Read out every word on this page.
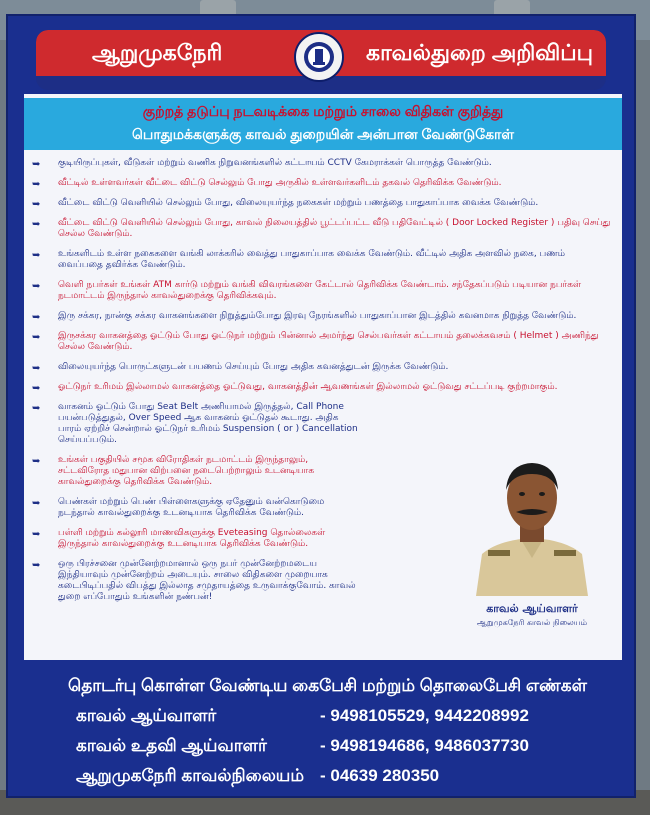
ஆறுமுகநேரி	காவல்துறை அறிவிப்பு
குற்றத் தடுப்பு நடவடிக்கை மற்றும் சாலை விதிகள் குறித்து
பொதுமக்களுக்கு காவல் துறையின் அன்பான வேண்டுகோள்
➥ குடியிருப்புகள், வீடுகள் மற்றும் வணிக நிறுவனங்களில் கட்டாயம் CCTV கேமராக்கள் பொருத்த வேண்டும்.
➥ வீட்டில் உள்ளவர்கள் வீட்டை விட்டு செல்லும் போது அருகில் உள்ளவர்களிடம் தகவல் தெரிவிக்க வேண்டும்.
➥ வீட்டை விட்டு வெளியில் செல்லும் போது, விலையுயர்ந்த நகைகள் மற்றும் பணத்தை பாதுகாப்பாக வைக்க வேண்டும்.
➥ வீட்டை விட்டு வெளியில் செல்லும் போது, காவல் நிலையத்தில் பூட்டப்பட்ட வீடு பதிவேட்டில் ( Door Locked Register ) பதிவு செய்து செல்ல வேண்டும்.
➥ உங்களிடம் உள்ள நகைகளை வங்கி லாக்கரில் வைத்து பாதுகாப்பாக வைக்க வேண்டும். வீட்டில் அதிக அளவில் நகை, பணம் வைப்பதை தவிர்க்க வேண்டும்.
➥ வெளி நபர்கள் உங்கள் ATM கார்டு மற்றும் வங்கி விவரங்களை கேட்டால் தெரிவிக்க வேண்டாம். சந்தேகப்படும் படியான நபர்கள் நடமாட்டம் இருந்தால் காவல்துறைக்கு தெரிவிக்கவும்.
➥ இரு சக்கர, நான்கு சக்கர வாகனங்களை நிறுத்தும்போது இரவு நேரங்களில் பாதுகாப்பான இடத்தில் கவனமாக நிறுத்த வேண்டும்.
➥ இருசக்கர வாகனத்தை ஓட்டும் போது ஓட்டுநர் மற்றும் பின்னால் அமர்ந்து செல்பவர்கள் கட்டாயம் தலைக்கவசம் ( Helmet ) அணிந்து செல்ல வேண்டும்.
➥ விலையுயர்ந்த பொருட்களுடன் பயணம் செய்யும் போது அதிக கவனத்துடன் இருக்க வேண்டும்.
➥ ஓட்டுநர் உரிமம் இல்லாமல் வாகனத்தை ஓட்டுவது, வாகனத்தின் ஆவணங்கள் இல்லாமல் ஓட்டுவது சட்டப்படி குற்றமாகும்.
➥ வாகனம் ஓட்டும் போது Seat Belt அணியாமல் இருத்தல், Call Phone பயன்படுத்துதல், Over Speed ஆக வாகனம் ஓட்டுதல் கூடாது. அதிக பாரம் ஏற்றிச் சென்றால் ஓட்டுநர் உரிமம் Suspension ( or ) Cancellation செய்யப்படும்.
➥ உங்கள் பகுதியில் சமூக விரோதிகள் நடமாட்டம் இருந்தாலும், சட்டவிரோத மதுபான விற்பனை நடைபெற்றாலும் உடனடியாக காவல்துறைக்கு தெரிவிக்க வேண்டும்.
➥ பெண்கள் மற்றும் பெண் பிள்ளைகளுக்கு ஏதேனும் வன்கொடுமை நடந்தால் காவல்துறைக்கு உடனடியாக தெரிவிக்க வேண்டும்.
➥ பள்ளி மற்றும் கல்லூரி மாணவிகளுக்கு Eveteasing தொல்லைகள் இருந்தால் காவல்துறைக்கு உடனடியாக தெரிவிக்க வேண்டும்.
➥ ஒரு பிரச்சனை முன்னேற்றமானால் ஒரு நபர் முன்னேற்றமடைய இந்தியாவும் முன்னேற்றம் அடையும். சாலை விதிகளை முறையாக கடைபிடிப்பதில் விபத்து இல்லாத சமுதாயத்தை உருவாக்குவோம். காவல் துறை எப்போதும் உங்களின் நண்பன்!
காவல் ஆய்வாளர்
ஆறுமுகநேரி காவல் நிலையம்
தொடர்பு கொள்ள வேண்டிய கைபேசி மற்றும் தொலைபேசி எண்கள்
காவல் ஆய்வாளர்	- 9498105529, 9442208992
காவல் உதவி ஆய்வாளர்	- 9498194686, 9486037730
ஆறுமுகநேரி காவல்நிலையம் - 04639 280350
